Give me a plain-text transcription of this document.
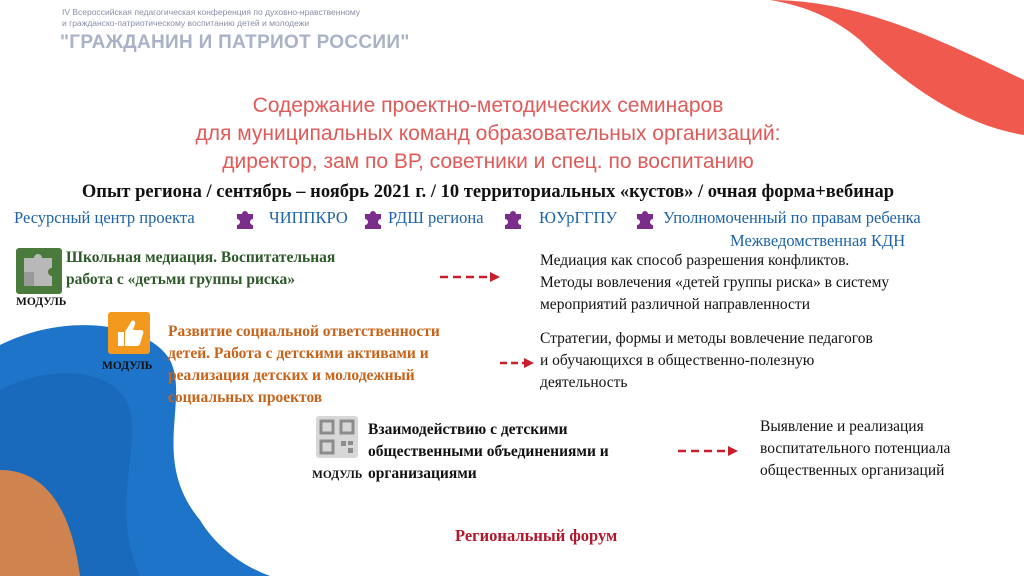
IV Всероссийская педагогическая конференция по духовно-нравственному
и гражданско-патриотическому воспитанию детей и молодежи
"ГРАЖДАНИН И ПАТРИОТ РОССИИ"
Содержание проектно-методических семинаров
для муниципальных команд образовательных организаций:
директор, зам по ВР, советники и спец. по воспитанию
Опыт региона / сентябрь – ноябрь 2021 г. / 10 территориальных «кустов» / очная форма+вебинар
Ресурсный центр проекта	ЧИППКРО РДШ региона	ЮУрГГПУ	Уполномоченный по правам ребенка
Межведомственная КДН
МОДУЛЬ
Школьная медиация. Воспитательная
работа с «детьми группы риска»
Медиация как способ разрешения конфликтов.
Методы вовлечения «детей группы риска» в систему
мероприятий различной направленности
МОДУЛЬ
Развитие социальной ответственности
детей. Работа с детскими активами и
реализация детских и молодежный
социальных проектов
Стратегии, формы и методы вовлечение педагогов
и обучающихся в общественно-полезную
деятельность
МОДУЛЬ
Взаимодействию с детскими
общественными объединениями и
организациями
Выявление и реализация
воспитательного потенциала
общественных организаций
Региональный форум
